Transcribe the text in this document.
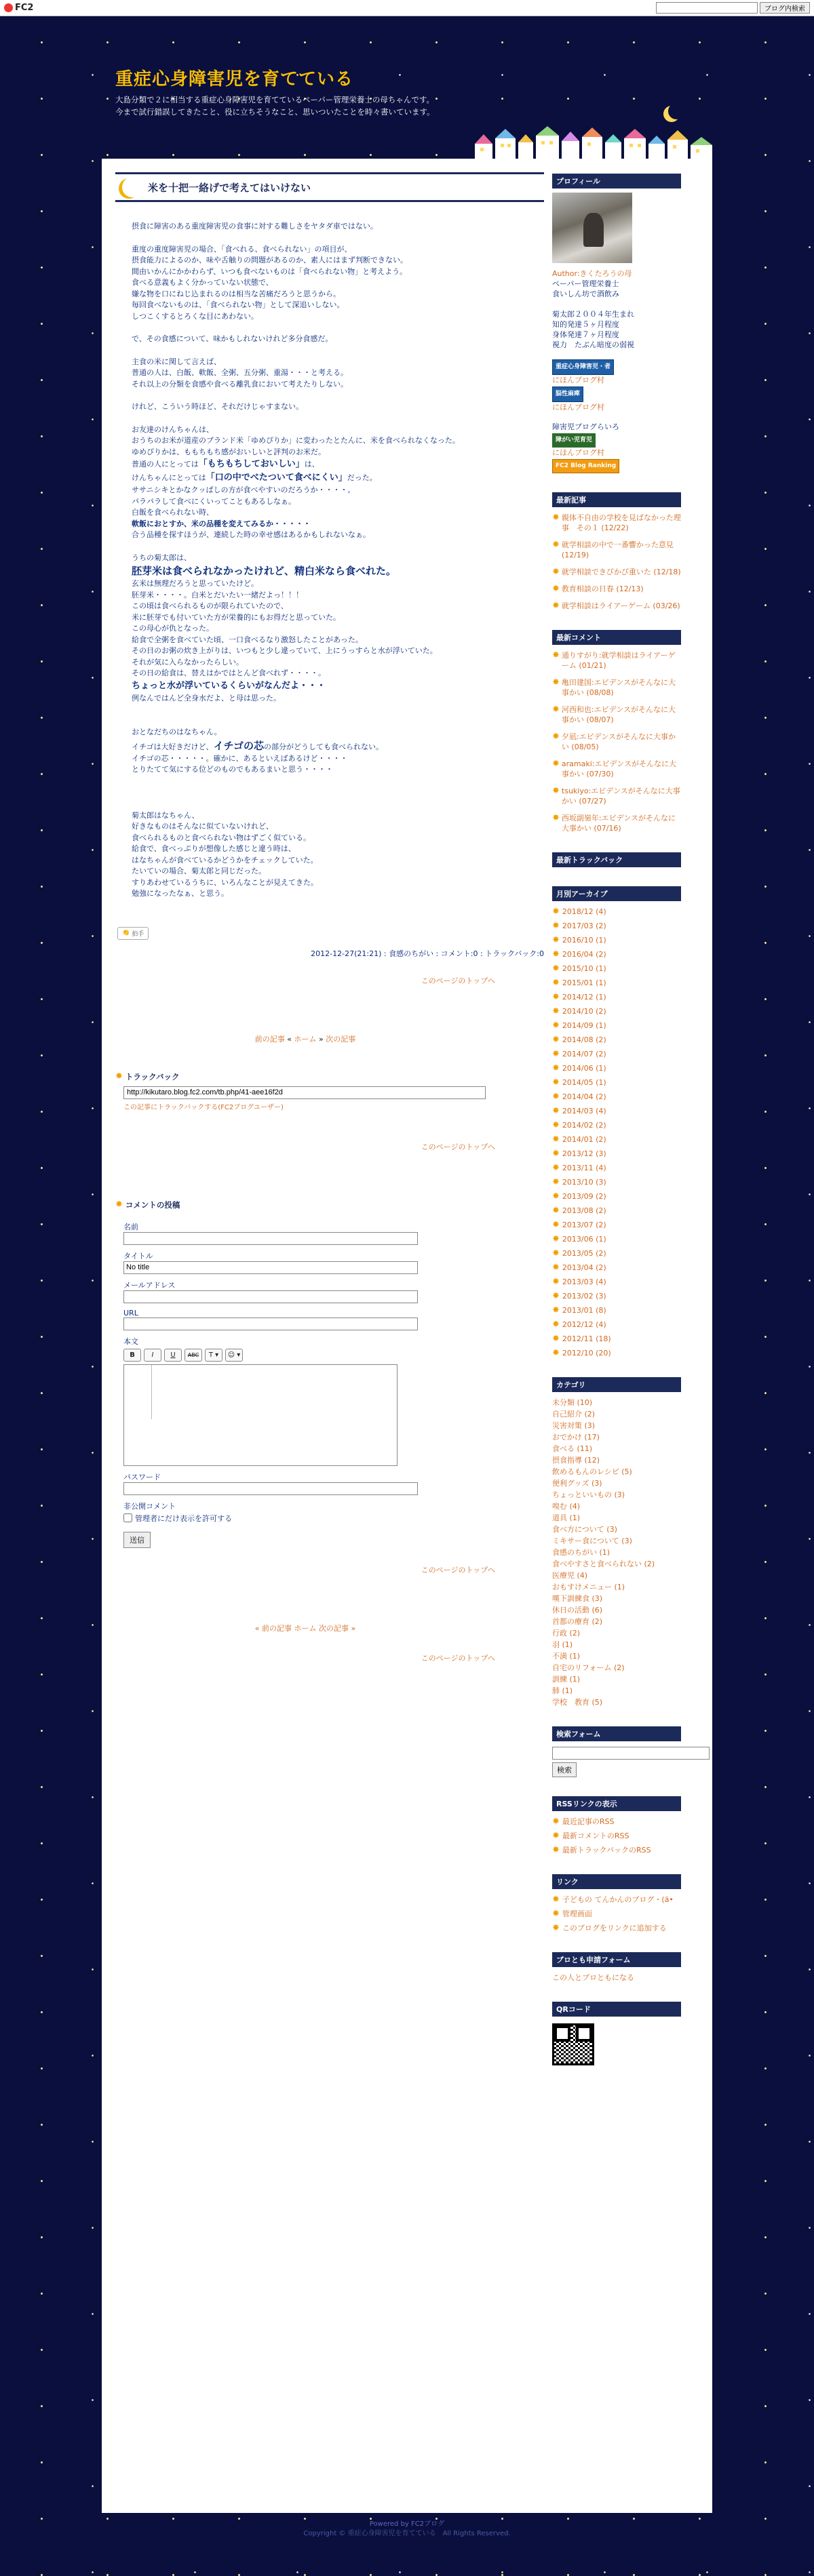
FC2	ブログ内検索
重症心身障害児を育てている
大島分類で２に相当する重症心身障害児を育てているペーパー管理栄養士の母ちゃんです。
今まで試行錯誤してきたこと、役に立ちそうなこと、思いついたことを時々書いています。
米を十把一絡げで考えてはいけない

摂食に障害のある重度障害児の食事に対する難しさをヤタダ車ではない。

重度の重度障害児の場合、「食べれる、食べられない」の項目が、

摂食能力によるのか、味や舌触りの問題があるのか、素人にはまず判断できない。

間由いかんにかかわらず、いつも食べないものは「食べられない物」と考えよう。

食べる意義もよく分かっていない状態で、

嫌な物を口にねじ込まれるのは相当な苦痛だろうと思うから。

毎回食べないものは、「食べられない物」として深追いしない。

しつこくするとろくな目にあわない。

で、その食感について、味かもしれないけれど多分食感だ。

主食の米に関して言えば、

普通の人は、白飯、軟飯、全粥、五分粥、重湯・・・と考える。

それ以上の分類を食感や食べる離乳食において考えたりしない。

けれど、こういう時ほど、それだけじゃすまない。

お友達のけんちゃんは、

おうちのお米が道産のブランド米「ゆめぴりか」に変わったとたんに、米を食べられなくなった。

ゆめぴりかは、ももちもち感がおいしいと評判のお米だ。

普通の人にとっては「もちもちしておいしい」は、

けんちゃんにとっては「口の中でべたついて食べにくい」だった。

ササニシキとかなクッぱしの方が食べやすいのだろうか・・・・。

パラパラして食べにくいってこともあるしなぁ。

白飯を食べられない時、

軟飯におとすか、米の品種を変えてみるか・・・・・

合う品種を探すほうが、連続した時の幸せ感はあるかもしれないなぁ。

うちの菊太郎は、

胚芽米は食べられなかったけれど、精白米なら食べれた。

玄米は無理だろうと思っていたけど。

胚芽米・・・・。白米とだいたい一緒だよっ！！！

この頃は食べられるものが限られていたので、

米に胚芽でも付いていた方が栄養的にもお得だと思っていた。

この母心が仇となった。

給食で全粥を食べていた頃、一口食べるなり激怒したことがあった。

その日のお粥の炊き上がりは、いつもと少し違っていて、上にうっすらと水が浮いていた。

それが気に入らなかったらしい。

その日の給食は、替えはかではとんど食べれず・・・・。

ちょっと水が浮いているくらいがなんだよ・・・

例なんではんど全身水だよ、と母は思った。

おとなだちのはなちゃん。

イチゴは大好きだけど、イチゴの芯の部分がどうしても食べられない。

イチゴの芯・・・・・。確かに、あるといえばあるけど・・・・

とりたてて気にする位どのものでもあるまいと思う・・・・

菊太郎はなちゃん、

好きなものはそんなに似ていないけれど、

食べられるものと食べられない物はずごく似ている。

給食で、食べっぷりが想像した感じと違う時は、

はなちゃんが食べているかどうかをチェックしていた。

たいていの場合、菊太郎と同じだった。

すりあわせているうちに、いろんなことが見えてきた。

勉強になったなぁ、と思う。

👏 拍手
2012-12-27(21:21) : 食感のちがい : コメント:0 : トラックバック:0
このページのトップへ
前の記事 « ホーム » 次の記事
✸ トラックバック
http://kikutaro.blog.fc2.com/tb.php/41-aee16f2d
この記事にトラックバックする(FC2ブログユーザー)
このページのトップへ
✸ コメントの投稿
名前
タイトル
No title
メールアドレス
URL
本文
B	I	U	ABC	T ▾	☺ ▾
パスワード
非公開コメント
管理者にだけ表示を許可する
送信
このページのトップへ
« 前の記事 ホーム 次の記事 »
このページのトップへ
プロフィール
Author:きくたろうの母
ペーパー管理栄養士
食いしん坊で酒飲み
菊太郎２００４年生まれ
知的発達５ヶ月程度
身体発達７ヶ月程度
視力　たぶん暗度の弱視
重症心身障害児・者
にほんブログ村
脳性麻痺
にほんブログ村
障害児ブログらいろ
障がい児育児
にほんブログ村
FC2 Blog Ranking
最新記事
✸ 親体不自由の学校を見ばなかった理事　その１ (12/22)
✸ 就学相談の中で一番響かった意見 (12/19)
✸ 就学相談できびかび重いた (12/18)
✸ 教育相談の日春 (12/13)
✸ 就学相談はライアーゲーム (03/26)
最新コメント
✸ 通りすがり:就学相談はライアーゲーム (01/21)
✸ 亀田建国:エビデンスがそんなに大事かい (08/08)
✸ 河西和也:エビデンスがそんなに大事かい (08/07)
✸ 夕凪:エビデンスがそんなに大事かい (08/05)
✸ aramaki:エビデンスがそんなに大事かい (07/30)
✸ tsukiyo:エビデンスがそんなに大事かい (07/27)
✸ 西坂副嶺年:エビデンスがそんなに大事かい (07/16)
最新トラックバック
月別アーカイブ
✸ 2018/12 (4)
✸ 2017/03 (2)
✸ 2016/10 (1)
✸ 2016/04 (2)
✸ 2015/10 (1)
✸ 2015/01 (1)
✸ 2014/12 (1)
✸ 2014/10 (2)
✸ 2014/09 (1)
✸ 2014/08 (2)
✸ 2014/07 (2)
✸ 2014/06 (1)
✸ 2014/05 (1)
✸ 2014/04 (2)
✸ 2014/03 (4)
✸ 2014/02 (2)
✸ 2014/01 (2)
✸ 2013/12 (3)
✸ 2013/11 (4)
✸ 2013/10 (3)
✸ 2013/09 (2)
✸ 2013/08 (2)
✸ 2013/07 (2)
✸ 2013/06 (1)
✸ 2013/05 (2)
✸ 2013/04 (2)
✸ 2013/03 (4)
✸ 2013/02 (3)
✸ 2013/01 (8)
✸ 2012/12 (4)
✸ 2012/11 (18)
✸ 2012/10 (20)
カテゴリ
未分類 (10)
自己紹介 (2)
災害対策 (3)
おでかけ (17)
食べる (11)
摂食指導 (12)
飲めるもんのレシピ (5)
便利グッズ (3)
ちょっといいもの (3)
嗅む (4)
道具 (1)
食べ方について (3)
ミキサー食について (3)
食感のちがい (1)
食べやすさと食べられない (2)
医療児 (4)
おもすけメニュー (1)
嘆下訓練食 (3)
休日の活動 (6)
首都の療育 (2)
行政 (2)
羽 (1)
不満 (1)
自宅のリフォーム (2)
訓練 (1)
肺 (1)
学校　教育 (5)
検索フォーム
検索
RSSリンクの表示
✸ 最近記事のRSS
✸ 最新コメントのRSS
✸ 最新トラックバックのRSS
リンク
✸ 子どもの てんかんのブログ・(ä•
✸ 管理画面
✸ このブログをリンクに追加する
ブロとも申請フォーム
この人とブロともになる
QRコード
Powered by FC2ブログ
Copyright © 重症心身障害児を育てている　All Rights Reserved.
